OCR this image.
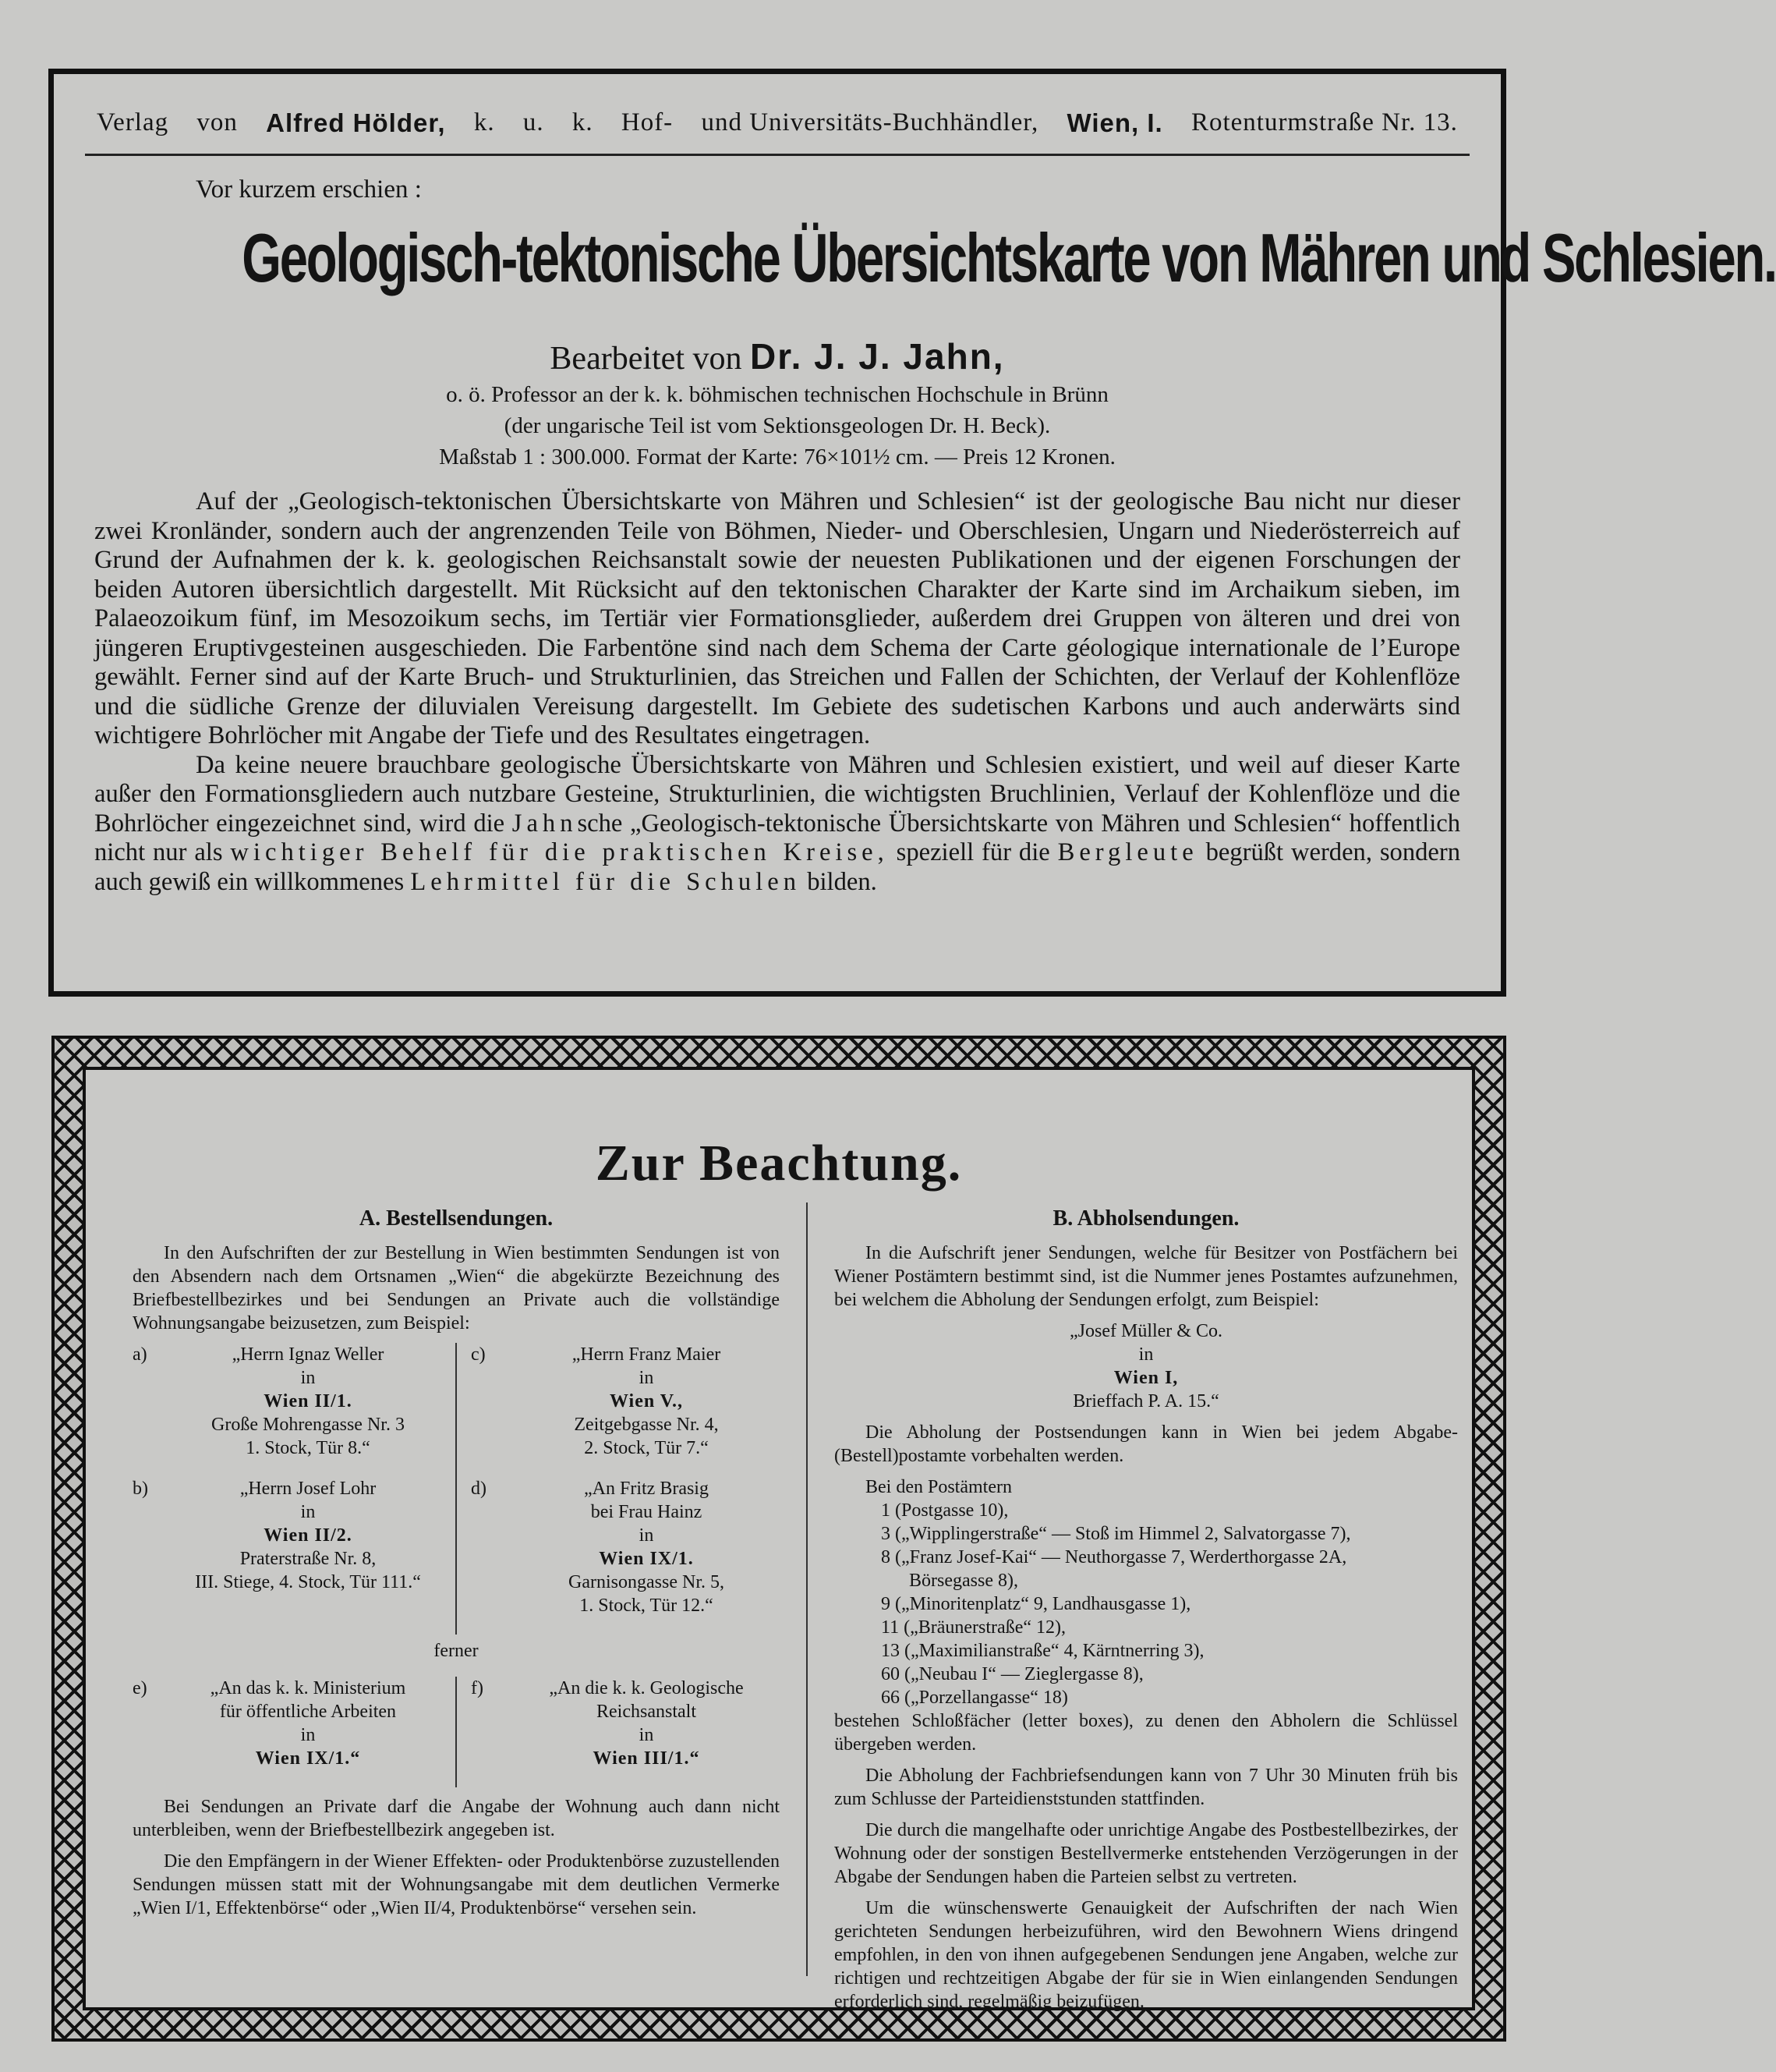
Verlag von Alfred Hölder, k. u. k. Hof- und Universitäts-Buchhändler, Wien, I. Rotenturmstraße Nr. 13.
Vor kurzem erschien :
Geologisch-tektonische Übersichtskarte von Mähren und Schlesien.
Bearbeitet von Dr. J. J. Jahn,
o. ö. Professor an der k. k. böhmischen technischen Hochschule in Brünn
(der ungarische Teil ist vom Sektionsgeologen Dr. H. Beck).
Maßstab 1 : 300.000. Format der Karte: 76×101½ cm. — Preis 12 Kronen.

Auf der „Geologisch-tektonischen Übersichtskarte von Mähren und Schlesien“ ist der geologische Bau nicht nur dieser zwei Kronländer, sondern auch der angrenzenden Teile von Böhmen, Nieder- und Oberschlesien, Ungarn und Niederösterreich auf Grund der Aufnahmen der k. k. geologischen Reichsanstalt sowie der neuesten Publikationen und der eigenen Forschungen der beiden Autoren übersichtlich dargestellt. Mit Rücksicht auf den tektonischen Charakter der Karte sind im Archaikum sieben, im Palaeozoikum fünf, im Mesozoikum sechs, im Tertiär vier Formationsglieder, außerdem drei Gruppen von älteren und drei von jüngeren Eruptivgesteinen ausgeschieden. Die Farbentöne sind nach dem Schema der Carte géologique internationale de l’Europe gewählt. Ferner sind auf der Karte Bruch- und Strukturlinien, das Streichen und Fallen der Schichten, der Verlauf der Kohlenflöze und die südliche Grenze der diluvialen Vereisung dargestellt. Im Gebiete des sudetischen Karbons und auch anderwärts sind wichtigere Bohrlöcher mit Angabe der Tiefe und des Resultates eingetragen.

Da keine neuere brauchbare geologische Übersichtskarte von Mähren und Schlesien existiert, und weil auf dieser Karte außer den Formationsgliedern auch nutzbare Gesteine, Strukturlinien, die wichtigsten Bruchlinien, Verlauf der Kohlenflöze und die Bohrlöcher eingezeichnet sind, wird die Jahnsche „Geologisch-tektonische Übersichtskarte von Mähren und Schlesien“ hoffentlich nicht nur als wichtiger Behelf für die praktischen Kreise, speziell für die Bergleute begrüßt werden, sondern auch gewiß ein willkommenes Lehrmittel für die Schulen bilden.

Zur Beachtung.
A. Bestellsendungen.

In den Aufschriften der zur Bestellung in Wien bestimmten Sendungen ist von den Absendern nach dem Ortsnamen „Wien“ die abgekürzte Bezeichnung des Briefbestellbezirkes und bei Sendungen an Private auch die vollständige Wohnungsangabe beizusetzen, zum Beispiel:

a)	„Herrn Ignaz Weller
in
Wien II/1.
Große Mohrengasse Nr. 3
1. Stock, Tür 8.“
b)	„Herrn Josef Lohr
in
Wien II/2.
Praterstraße Nr. 8,
III. Stiege, 4. Stock, Tür 111.“
c)	„Herrn Franz Maier
in
Wien V.,
Zeitgebgasse Nr. 4,
2. Stock, Tür 7.“
d)	„An Fritz Brasig
bei Frau Hainz
in
Wien IX/1.
Garnisongasse Nr. 5,
1. Stock, Tür 12.“
ferner
e)	„An das k. k. Ministerium
für öffentliche Arbeiten
in
Wien IX/1.“
f)	„An die k. k. Geologische
Reichsanstalt
in
Wien III/1.“

Bei Sendungen an Private darf die Angabe der Wohnung auch dann nicht unterbleiben, wenn der Briefbestellbezirk angegeben ist.

Die den Empfängern in der Wiener Effekten- oder Produktenbörse zuzustellenden Sendungen müssen statt mit der Wohnungsangabe mit dem deutlichen Vermerke „Wien I/1, Effektenbörse“ oder „Wien II/4, Produktenbörse“ versehen sein.

B. Abholsendungen.

In die Aufschrift jener Sendungen, welche für Besitzer von Postfächern bei Wiener Postämtern bestimmt sind, ist die Nummer jenes Postamtes aufzunehmen, bei welchem die Abholung der Sendungen erfolgt, zum Beispiel:

„Josef Müller & Co.
in
Wien I,
Brieffach P. A. 15.“

Die Abholung der Postsendungen kann in Wien bei jedem Abgabe-(Bestell)postamte vorbehalten werden.

Bei den Postämtern
1 (Postgasse 10),
3 („Wipplingerstraße“ — Stoß im Himmel 2, Salvatorgasse 7),
8 („Franz Josef-Kai“ — Neuthorgasse 7, Werderthorgasse 2A,
Börsegasse 8),
9 („Minoritenplatz“ 9, Landhausgasse 1),
11 („Bräunerstraße“ 12),
13 („Maximilianstraße“ 4, Kärntnerring 3),
60 („Neubau I“ — Zieglergasse 8),
66 („Porzellangasse“ 18)

bestehen Schloßfächer (letter boxes), zu denen den Abholern die Schlüssel übergeben werden.

Die Abholung der Fachbriefsendungen kann von 7 Uhr 30 Minuten früh bis zum Schlusse der Parteidienststunden stattfinden.

Die durch die mangelhafte oder unrichtige Angabe des Postbestellbezirkes, der Wohnung oder der sonstigen Bestellvermerke entstehenden Verzögerungen in der Abgabe der Sendungen haben die Parteien selbst zu vertreten.

Um die wünschenswerte Genauigkeit der Aufschriften der nach Wien gerichteten Sendungen herbeizuführen, wird den Bewohnern Wiens dringend empfohlen, in den von ihnen aufgegebenen Sendungen jene Angaben, welche zur richtigen und rechtzeitigen Abgabe der für sie in Wien einlangenden Sendungen erforderlich sind, regelmäßig beizufügen.
